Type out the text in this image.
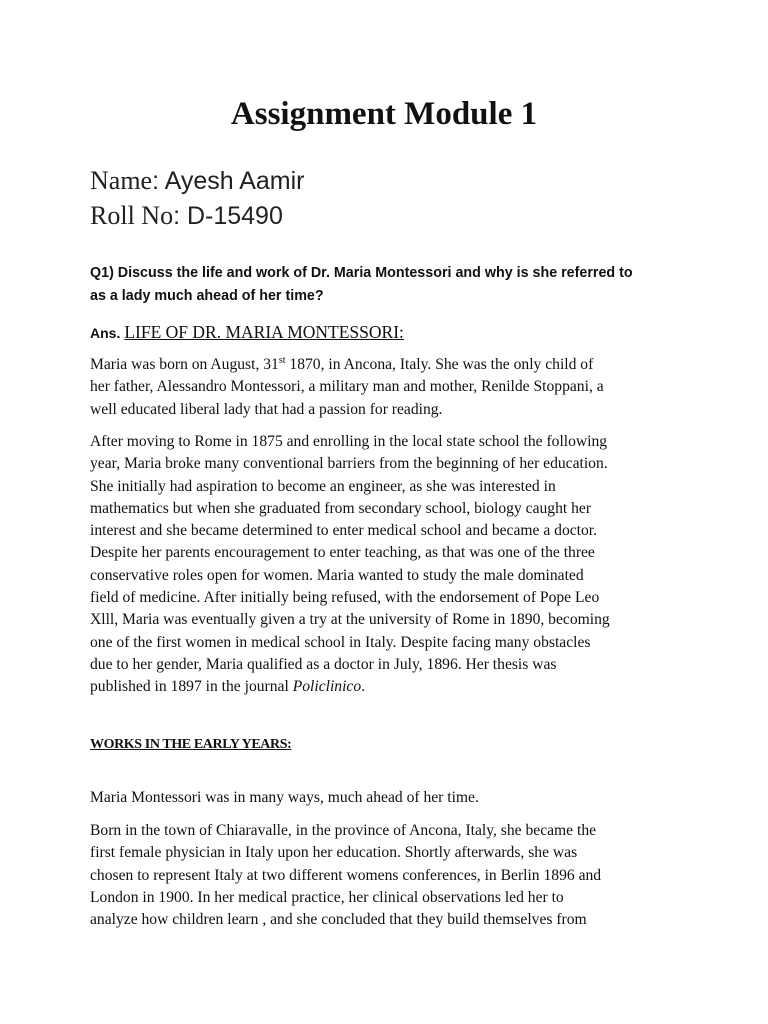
Assignment Module 1
Name: Ayesh Aamir
Roll No: D-15490

Q1) Discuss the life and work of Dr. Maria Montessori and why is she referred to
as a lady much ahead of her time?

Ans. LIFE OF DR. MARIA MONTESSORI:

Maria was born on August, 31st 1870, in Ancona, Italy. She was the only child of
her father, Alessandro Montessori, a military man and mother, Renilde Stoppani, a
well educated liberal lady that had a passion for reading.

After moving to Rome in 1875 and enrolling in the local state school the following
year, Maria broke many conventional barriers from the beginning of her education.
She initially had aspiration to become an engineer, as she was interested in
mathematics but when she graduated from secondary school, biology caught her
interest and she became determined to enter medical school and became a doctor.
Despite her parents encouragement to enter teaching, as that was one of the three
conservative roles open for women. Maria wanted to study the male dominated
field of medicine. After initially being refused, with the endorsement of Pope Leo
Xlll, Maria was eventually given a try at the university of Rome in 1890, becoming
one of the first women in medical school in Italy. Despite facing many obstacles
due to her gender, Maria qualified as a doctor in July, 1896. Her thesis was
published in 1897 in the journal Policlinico.

WORKS IN THE EARLY YEARS:

Maria Montessori was in many ways, much ahead of her time.

Born in the town of Chiaravalle, in the province of Ancona, Italy, she became the
first female physician in Italy upon her education. Shortly afterwards, she was
chosen to represent Italy at two different womens conferences, in Berlin 1896 and
London in 1900. In her medical practice, her clinical observations led her to
analyze how children learn , and she concluded that they build themselves from
